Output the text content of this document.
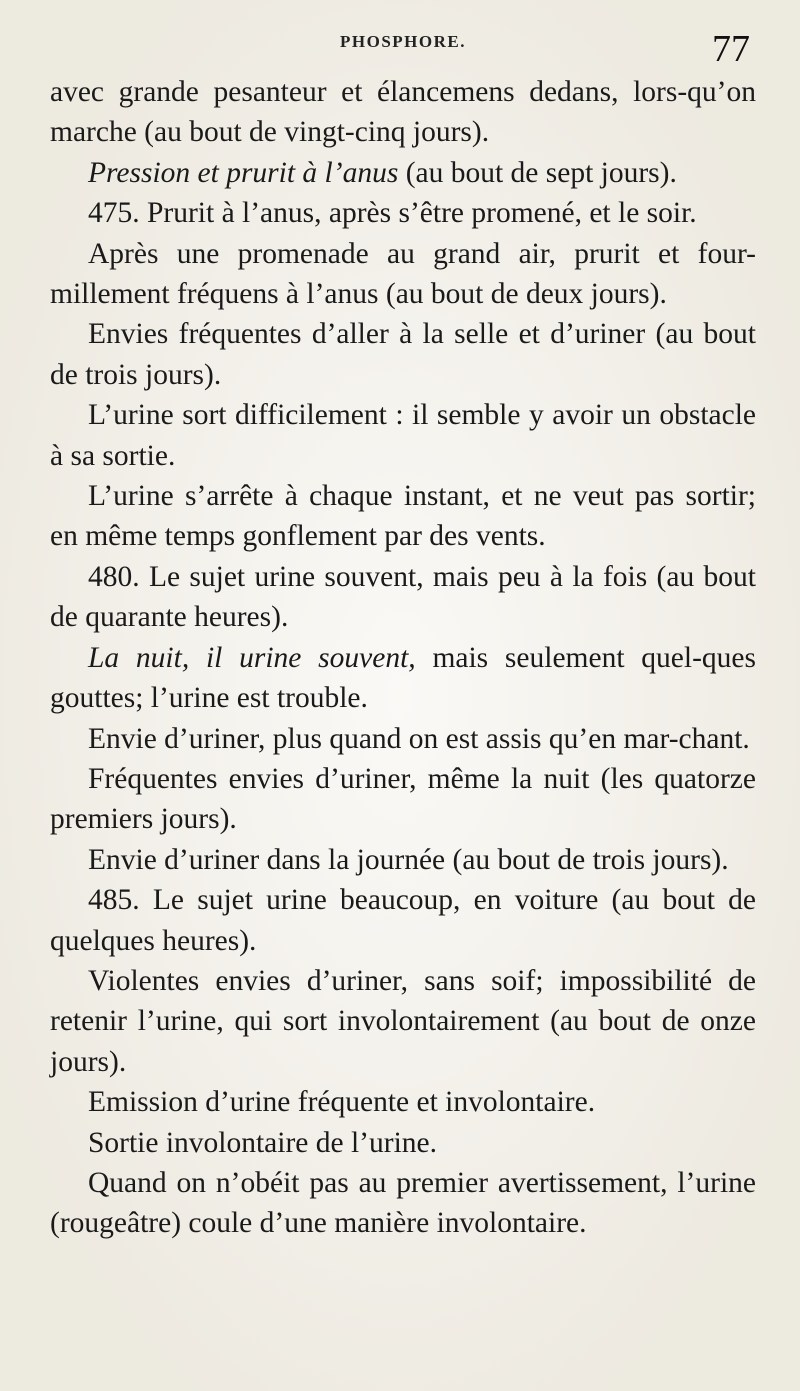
PHOSPHORE.	77

avec grande pesanteur et élancemens dedans, lors-qu’on marche (au bout de vingt-cinq jours).

Pression et prurit à l’anus (au bout de sept jours).

475. Prurit à l’anus, après s’être promené, et le soir.

Après une promenade au grand air, prurit et four-millement fréquens à l’anus (au bout de deux jours).

Envies fréquentes d’aller à la selle et d’uriner (au bout de trois jours).

L’urine sort difficilement : il semble y avoir un obstacle à sa sortie.

L’urine s’arrête à chaque instant, et ne veut pas sortir; en même temps gonflement par des vents.

480. Le sujet urine souvent, mais peu à la fois (au bout de quarante heures).

La nuit, il urine souvent, mais seulement quel-ques gouttes; l’urine est trouble.

Envie d’uriner, plus quand on est assis qu’en mar-chant.

Fréquentes envies d’uriner, même la nuit (les quatorze premiers jours).

Envie d’uriner dans la journée (au bout de trois jours).

485. Le sujet urine beaucoup, en voiture (au bout de quelques heures).

Violentes envies d’uriner, sans soif; impossibilité de retenir l’urine, qui sort involontairement (au bout de onze jours).

Emission d’urine fréquente et involontaire.

Sortie involontaire de l’urine.

Quand on n’obéit pas au premier avertissement, l’urine (rougeâtre) coule d’une manière involontaire.
